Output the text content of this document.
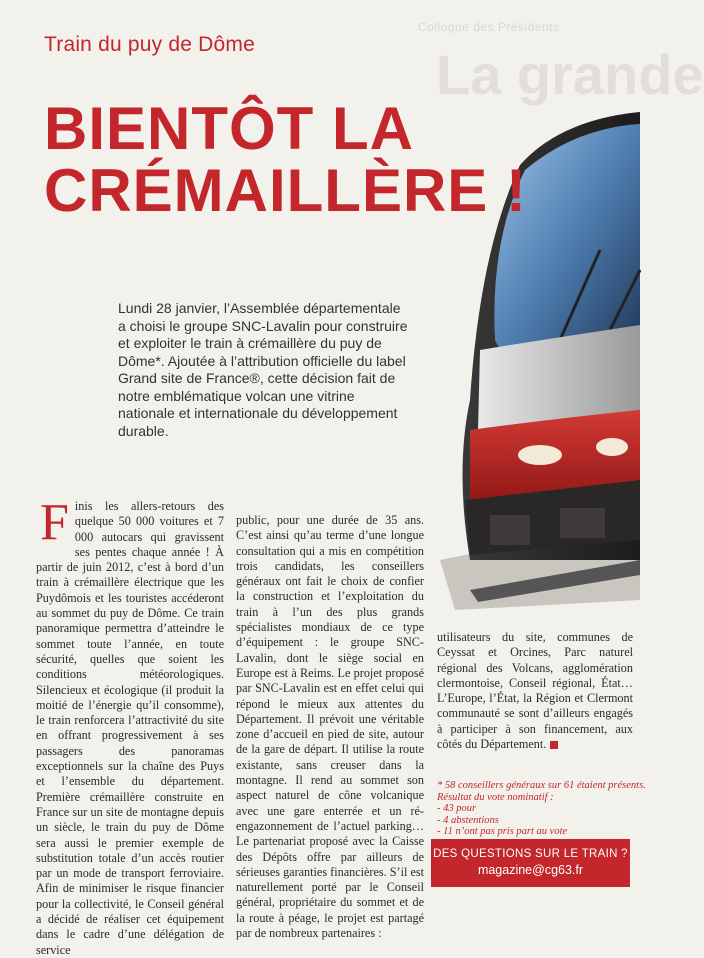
Colloque des Présidents
La grande
Train du puy de Dôme
BIENTÔT LA
CRÉMAILLÈRE !

Lundi 28 janvier, l’Assemblée départementale a choisi le groupe SNC-Lavalin pour construire et exploiter le train à crémaillère du puy de Dôme*. Ajoutée à l’attribution officielle du label Grand site de France®, cette décision fait de notre emblématique volcan une vitrine nationale et internationale du développement durable.

Finis les allers-retours des quelque 50 000 voitures et 7 000 autocars qui gravissent ses pentes chaque année ! À partir de juin 2012, c’est à bord d’un train à crémaillère électrique que les Puydômois et les touristes accéderont au sommet du puy de Dôme. Ce train panoramique permettra d’atteindre le sommet toute l’année, en toute sécurité, quelles que soient les conditions météorologiques. Silencieux et écologique (il produit la moitié de l’énergie qu’il consomme), le train renforcera l’attractivité du site en offrant progressivement à ses passagers des panoramas exceptionnels sur la chaîne des Puys et l’ensemble du département. Première crémaillère construite en France sur un site de montagne depuis un siècle, le train du puy de Dôme sera aussi le premier exemple de substitution totale d’un accès routier par un mode de transport ferroviaire. Afin de minimiser le risque financier pour la collectivité, le Conseil général a décidé de réaliser cet équipement dans le cadre d’une délégation de service

public, pour une durée de 35 ans. C’est ainsi qu’au terme d’une longue consultation qui a mis en compétition trois candidats, les conseillers généraux ont fait le choix de confier la construction et l’exploitation du train à l’un des plus grands spécialistes mondiaux de ce type d’équipement : le groupe SNC-Lavalin, dont le siège social en Europe est à Reims. Le projet proposé par SNC-Lavalin est en effet celui qui répond le mieux aux attentes du Département. Il prévoit une véritable zone d’accueil en pied de site, autour de la gare de départ. Il utilise la route existante, sans creuser dans la montagne. Il rend au sommet son aspect naturel de cône volcanique avec une gare enterrée et un ré-engazonnement de l’actuel parking… Le partenariat proposé avec la Caisse des Dépôts offre par ailleurs de sérieuses garanties financières. S’il est naturellement porté par le Conseil général, propriétaire du sommet et de la route à péage, le projet est partagé par de nombreux partenaires :

utilisateurs du site, communes de Ceyssat et Orcines, Parc naturel régional des Volcans, agglomération clermontoise, Conseil régional, État… L’Europe, l’État, la Région et Clermont communauté se sont d’ailleurs engagés à participer à son financement, aux côtés du Département.
* 58 conseillers généraux sur 61 étaient présents.
Résultat du vote nominatif :
- 43 pour
- 4 abstentions
- 11 n’ont pas pris part au vote
DES QUESTIONS SUR LE TRAIN ?
magazine@cg63.fr
